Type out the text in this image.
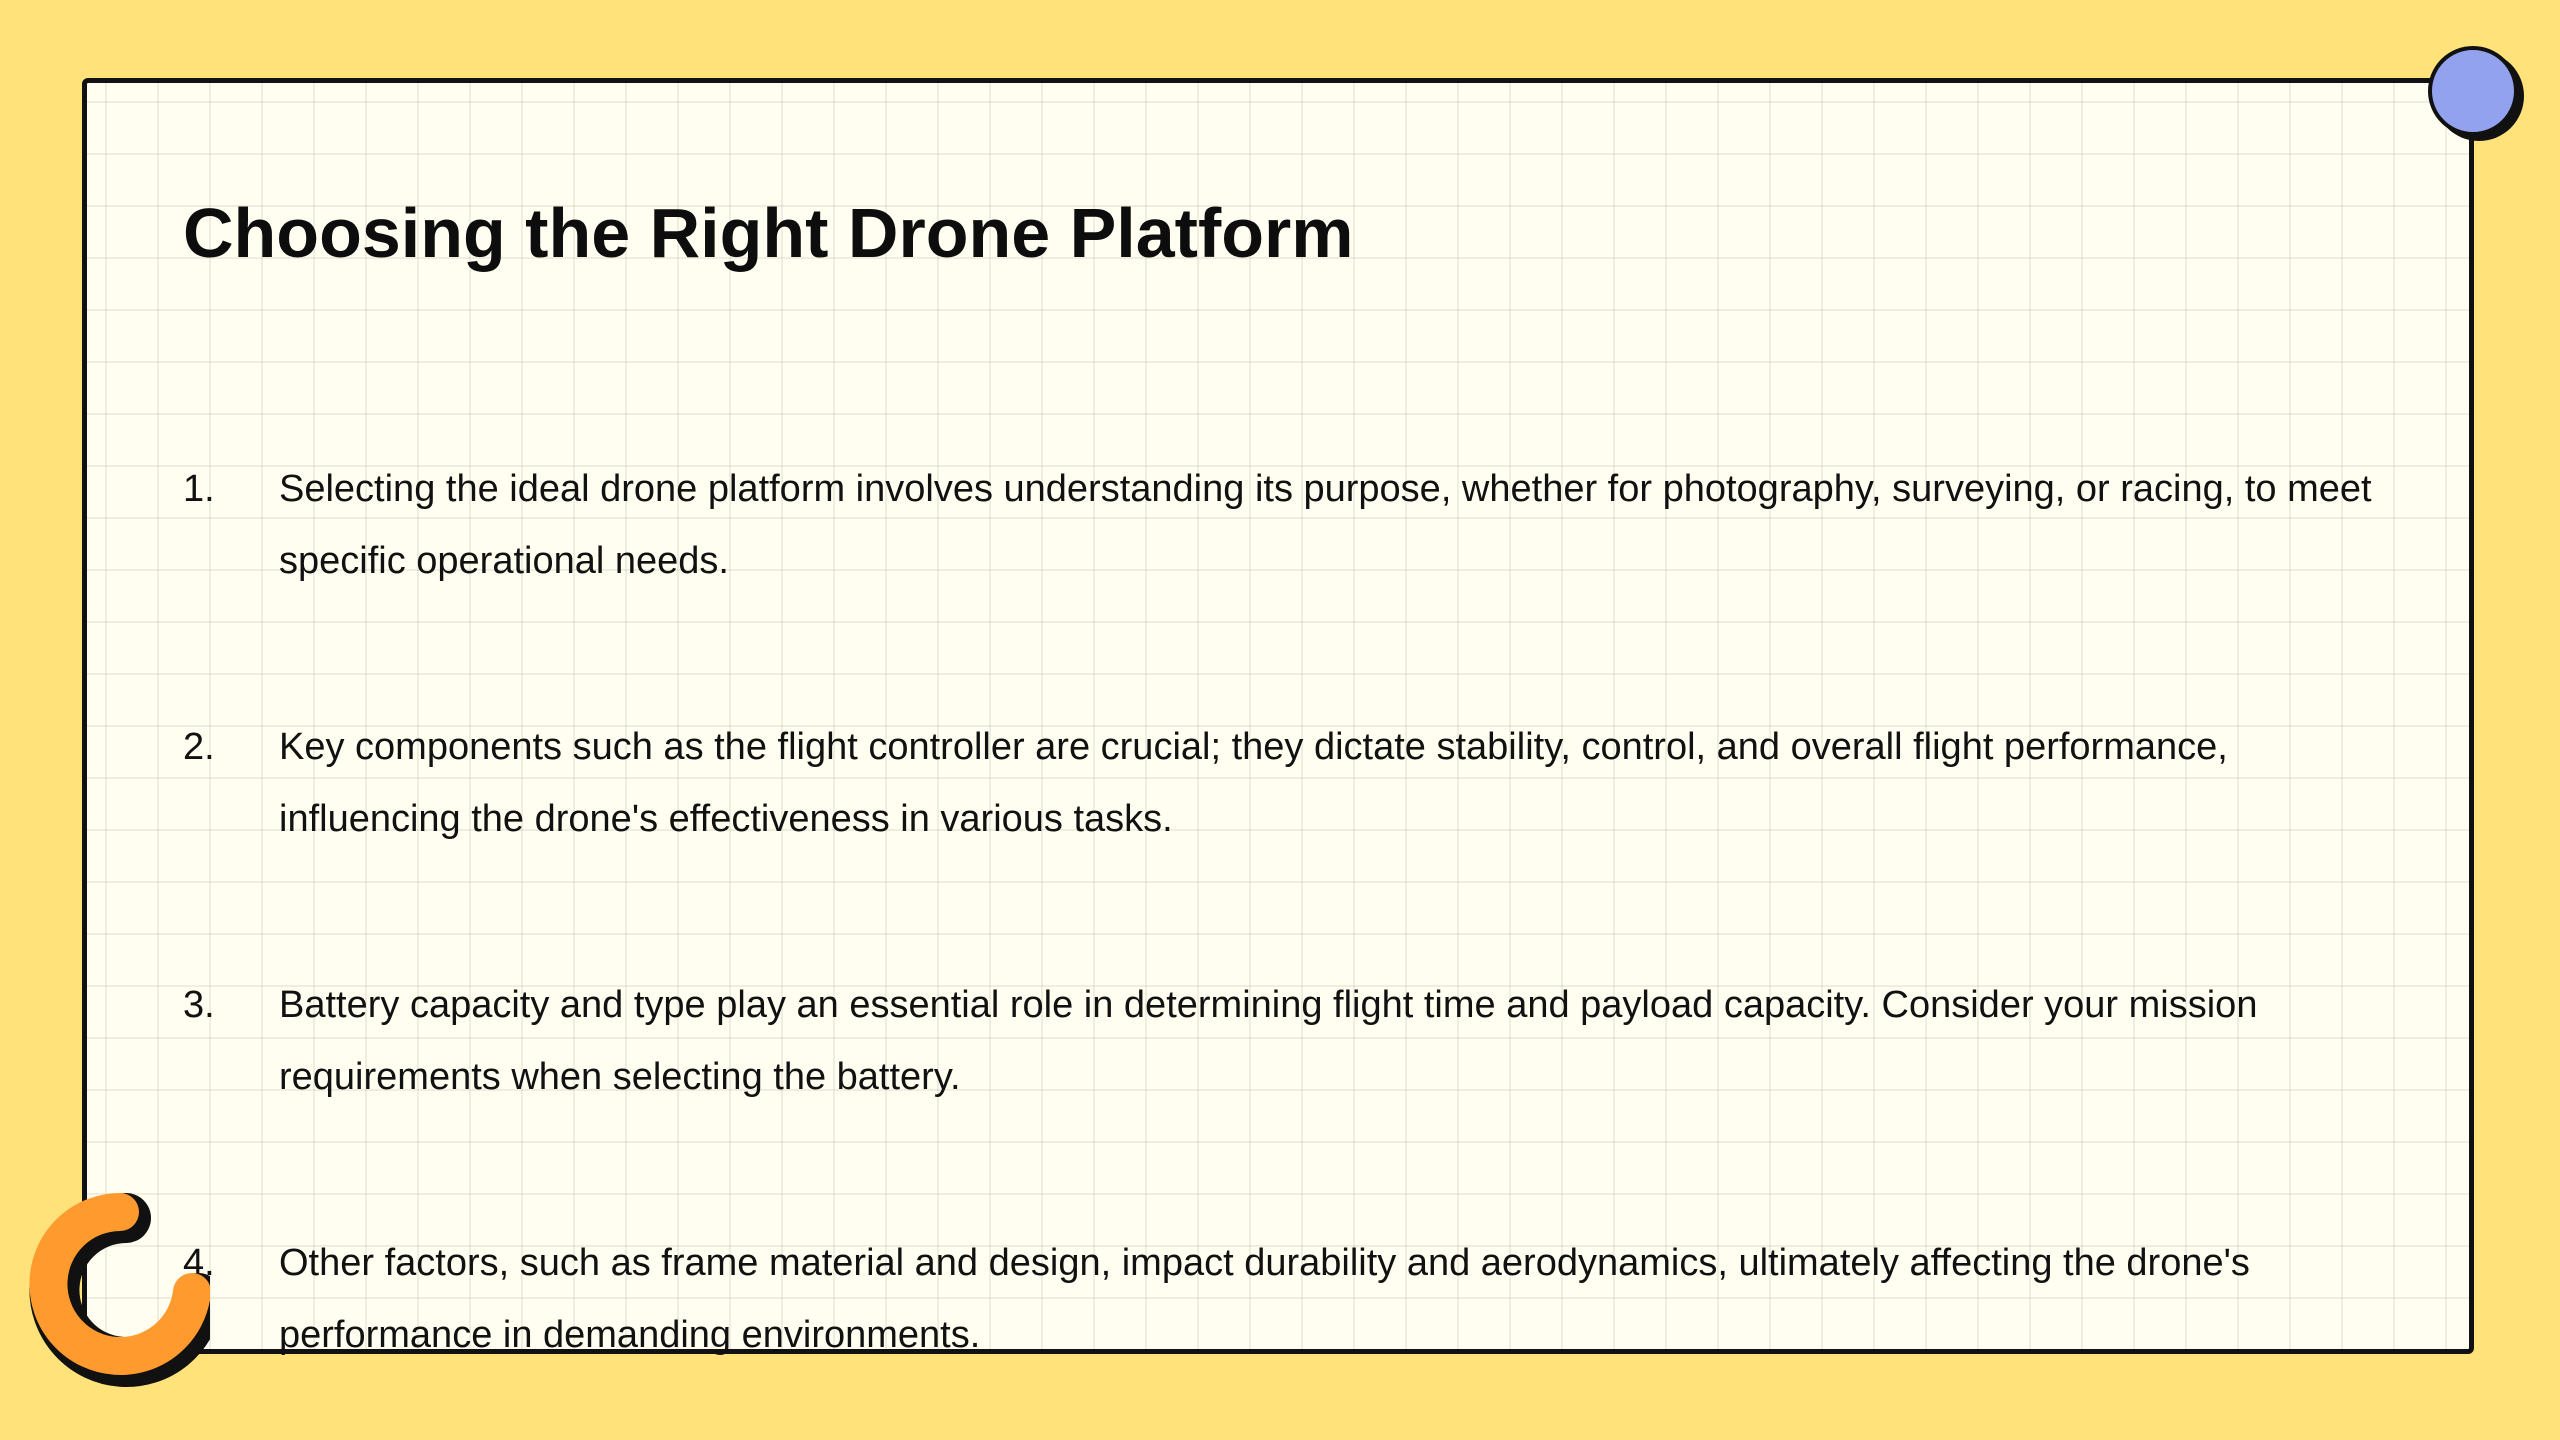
Choosing the Right Drone Platform
1.	Selecting the ideal drone platform involves understanding its purpose, whether for photography, surveying, or racing, to meet specific operational needs.
2.	Key components such as the flight controller are crucial; they dictate stability, control, and overall flight performance, influencing the drone's effectiveness in various tasks.
3.	Battery capacity and type play an essential role in determining flight time and payload capacity. Consider your mission requirements when selecting the battery.
4.	Other factors, such as frame material and design, impact durability and aerodynamics, ultimately affecting the drone's performance in demanding environments.
